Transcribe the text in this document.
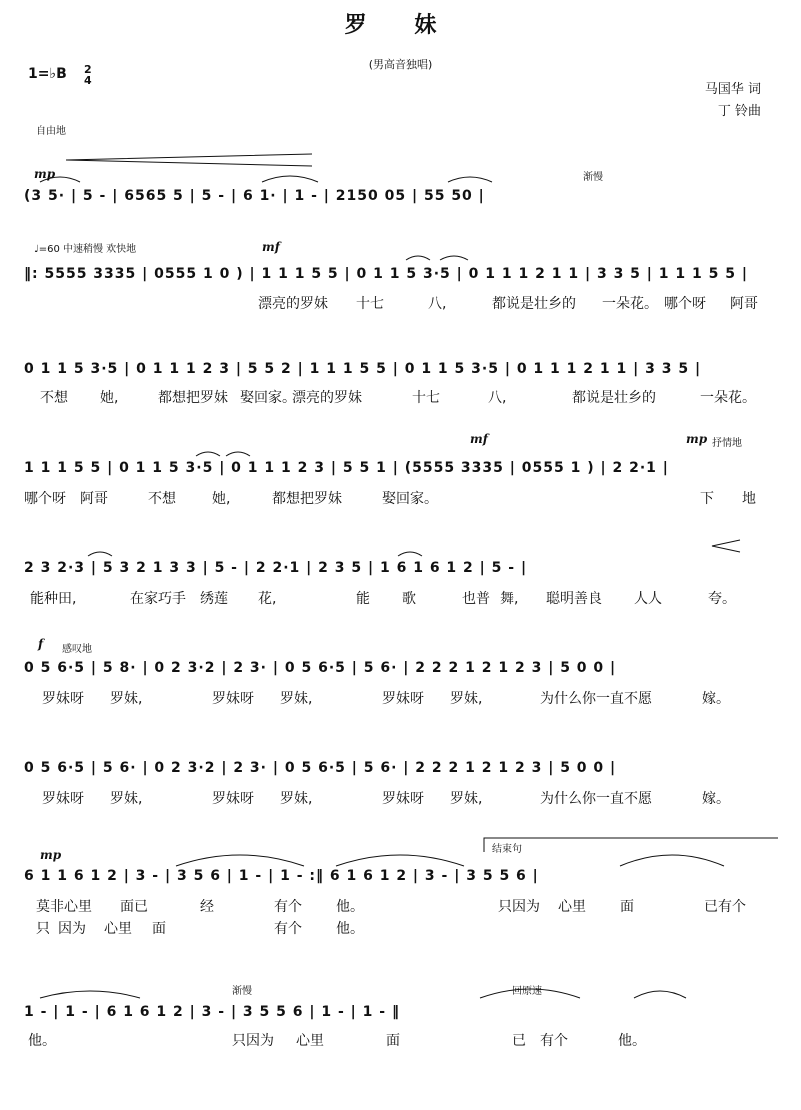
罗 妹
(男高音独唱)
1=♭B 2
4
马国华 词
丁 铃曲
自由地
mp	渐慢
(3 5· | 5 - | 6565 5 | 5 - | 6 1· | 1 - | 2150 05 | 55 50 |
♩=60 中速稍慢 欢快地	mf
‖: 5555 3335 | 0555 1 0 ) | 1 1 1 5 5 | 0 1 1 5 3·5 | 0 1 1 1 2 1 1 | 3 3 5 | 1 1 1 5 5 |
漂亮的罗妹 十七	八,	都说是壮乡的 一朵花。 哪个呀 阿哥
0 1 1 5 3·5 | 0 1 1 1 2 3 | 5 5 2 | 1 1 1 5 5 | 0 1 1 5 3·5 | 0 1 1 1 2 1 1 | 3 3 5 |
不想 她,	都想把罗妹 娶回家。
漂亮的罗妹	十七	八,	都说是壮乡的	一朵花。
mf	mp 抒情地
1 1 1 5 5 | 0 1 1 5 3·5 | 0 1 1 1 2 3 | 5 5 1 | (5555 3335 | 0555 1 ) | 2 2·1 |
哪个呀 阿哥	不想	她,	都想把罗妹	娶回家。	下 地
2 3 2·3 | 5 3 2 1 3 3 | 5 - | 2 2·1 | 2 3 5 | 1 6 1 6 1 2 | 5 - |
能种田,	在家巧手 绣莲 花,	能 歌	也普 舞, 聪明善良 人人	夸。
f 感叹地
0 5 6·5 | 5 8· | 0 2 3·2 | 2 3· | 0 5 6·5 | 5 6· | 2 2 2 1 2 1 2 3 | 5 0 0 |
罗妹呀 罗妹,	罗妹呀 罗妹,	罗妹呀 罗妹,	为什么你一直不愿	嫁。
0 5 6·5 | 5 6· | 0 2 3·2 | 2 3· | 0 5 6·5 | 5 6· | 2 2 2 1 2 1 2 3 | 5 0 0 |
罗妹呀 罗妹,	罗妹呀 罗妹,	罗妹呀 罗妹,	为什么你一直不愿	嫁。
mp	结束句
6 1 1 6 1 2 | 3 - | 3 5 6 | 1 - | 1 - :‖ 6 1 6 1 2 | 3 - | 3 5 5 6 |
莫非心里 面已	经	有个 他。	只因为 心里 面	已有个
只 因为 心里 面	有个 他。
渐慢	回原速
1 - | 1 - | 6 1 6 1 2 | 3 - | 3 5 5 6 | 1 - | 1 - ‖
他。	只因为 心里	面	已 有个	他。
